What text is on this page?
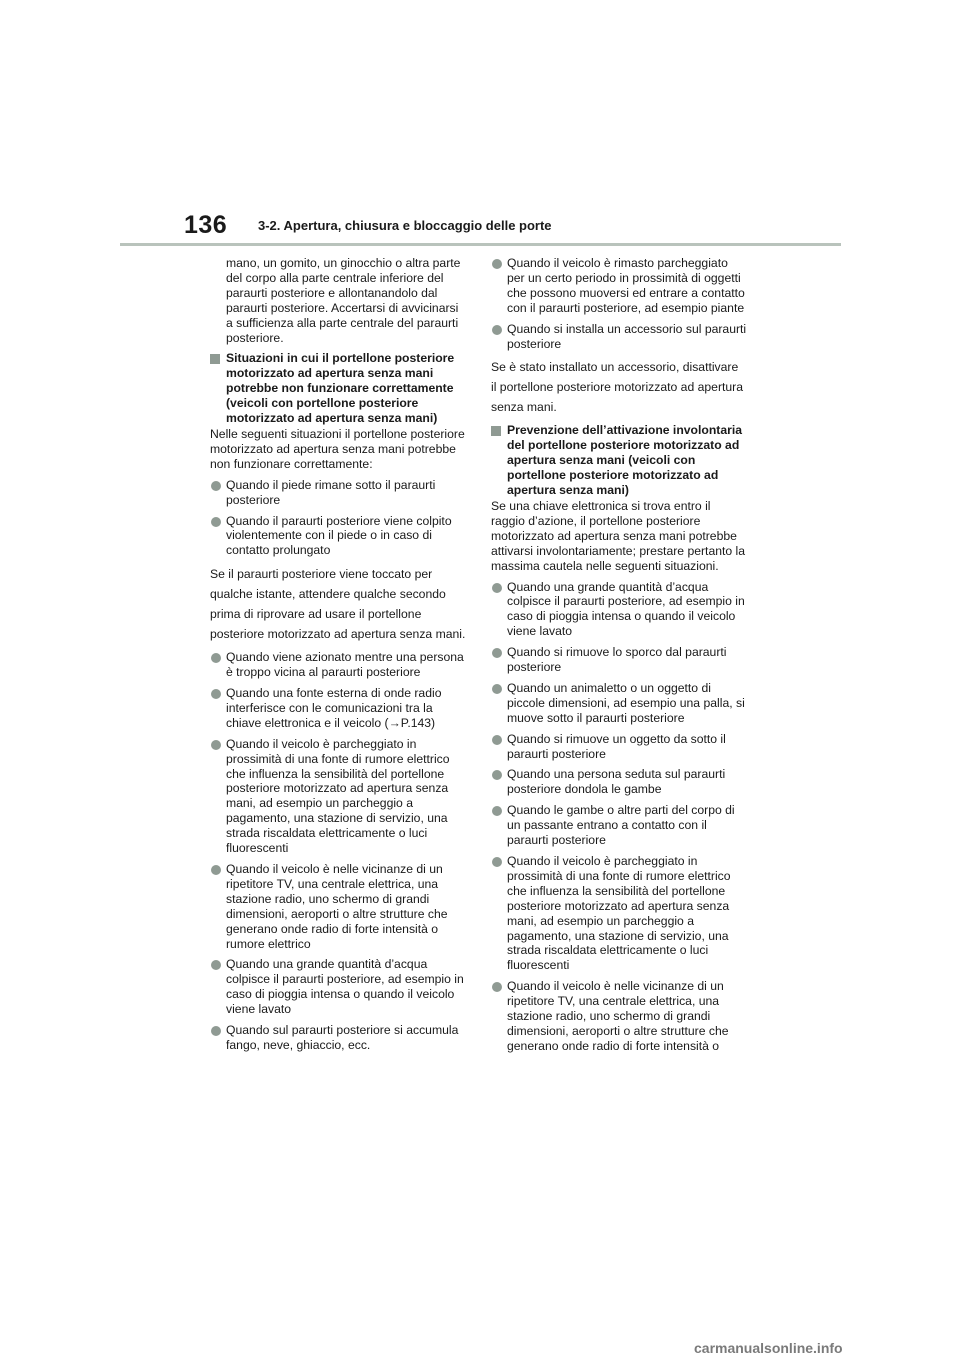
136 3-2. Apertura, chiusura e bloccaggio delle porte

mano, un gomito, un ginocchio o altra parte del corpo alla parte centrale inferiore del paraurti posteriore e allontanandolo dal paraurti posteriore. Accertarsi di avvicinarsi a sufficienza alla parte centrale del paraurti posteriore.

Situazioni in cui il portellone posteriore motorizzato ad apertura senza mani potrebbe non funzionare correttamente (veicoli con portellone posteriore motorizzato ad apertura senza mani)

Nelle seguenti situazioni il portellone posteriore motorizzato ad apertura senza mani potrebbe non funzionare correttamente:

Quando il piede rimane sotto il paraurti posteriore
Quando il paraurti posteriore viene colpito violentemente con il piede o in caso di contatto prolungato

Se il paraurti posteriore viene toccato per qualche istante, attendere qualche secondo prima di riprovare ad usare il portellone posteriore motorizzato ad apertura senza mani.

Quando viene azionato mentre una persona è troppo vicina al paraurti posteriore
Quando una fonte esterna di onde radio interferisce con le comunicazioni tra la chiave elettronica e il veicolo (→P.143)
Quando il veicolo è parcheggiato in prossimità di una fonte di rumore elettrico che influenza la sensibilità del portellone posteriore motorizzato ad apertura senza mani, ad esempio un parcheggio a pagamento, una stazione di servizio, una strada riscaldata elettricamente o luci fluorescenti
Quando il veicolo è nelle vicinanze di un ripetitore TV, una centrale elettrica, una stazione radio, uno schermo di grandi dimensioni, aeroporti o altre strutture che generano onde radio di forte intensità o rumore elettrico
Quando una grande quantità d’acqua colpisce il paraurti posteriore, ad esempio in caso di pioggia intensa o quando il veicolo viene lavato
Quando sul paraurti posteriore si accumula fango, neve, ghiaccio, ecc.
Quando il veicolo è rimasto parcheggiato per un certo periodo in prossimità di oggetti che possono muoversi ed entrare a contatto con il paraurti posteriore, ad esempio piante
Quando si installa un accessorio sul paraurti posteriore

Se è stato installato un accessorio, disattivare il portellone posteriore motorizzato ad apertura senza mani.

Prevenzione dell’attivazione involontaria del portellone posteriore motorizzato ad apertura senza mani (veicoli con portellone posteriore motorizzato ad apertura senza mani)

Se una chiave elettronica si trova entro il raggio d’azione, il portellone posteriore motorizzato ad apertura senza mani potrebbe attivarsi involontariamente; prestare pertanto la massima cautela nelle seguenti situazioni.

Quando una grande quantità d’acqua colpisce il paraurti posteriore, ad esempio in caso di pioggia intensa o quando il veicolo viene lavato
Quando si rimuove lo sporco dal paraurti posteriore
Quando un animaletto o un oggetto di piccole dimensioni, ad esempio una palla, si muove sotto il paraurti posteriore
Quando si rimuove un oggetto da sotto il paraurti posteriore
Quando una persona seduta sul paraurti posteriore dondola le gambe
Quando le gambe o altre parti del corpo di un passante entrano a contatto con il paraurti posteriore
Quando il veicolo è parcheggiato in prossimità di una fonte di rumore elettrico che influenza la sensibilità del portellone posteriore motorizzato ad apertura senza mani, ad esempio un parcheggio a pagamento, una stazione di servizio, una strada riscaldata elettricamente o luci fluorescenti
Quando il veicolo è nelle vicinanze di un ripetitore TV, una centrale elettrica, una stazione radio, uno schermo di grandi dimensioni, aeroporti o altre strutture che generano onde radio di forte intensità o
carmanualsonline.info
